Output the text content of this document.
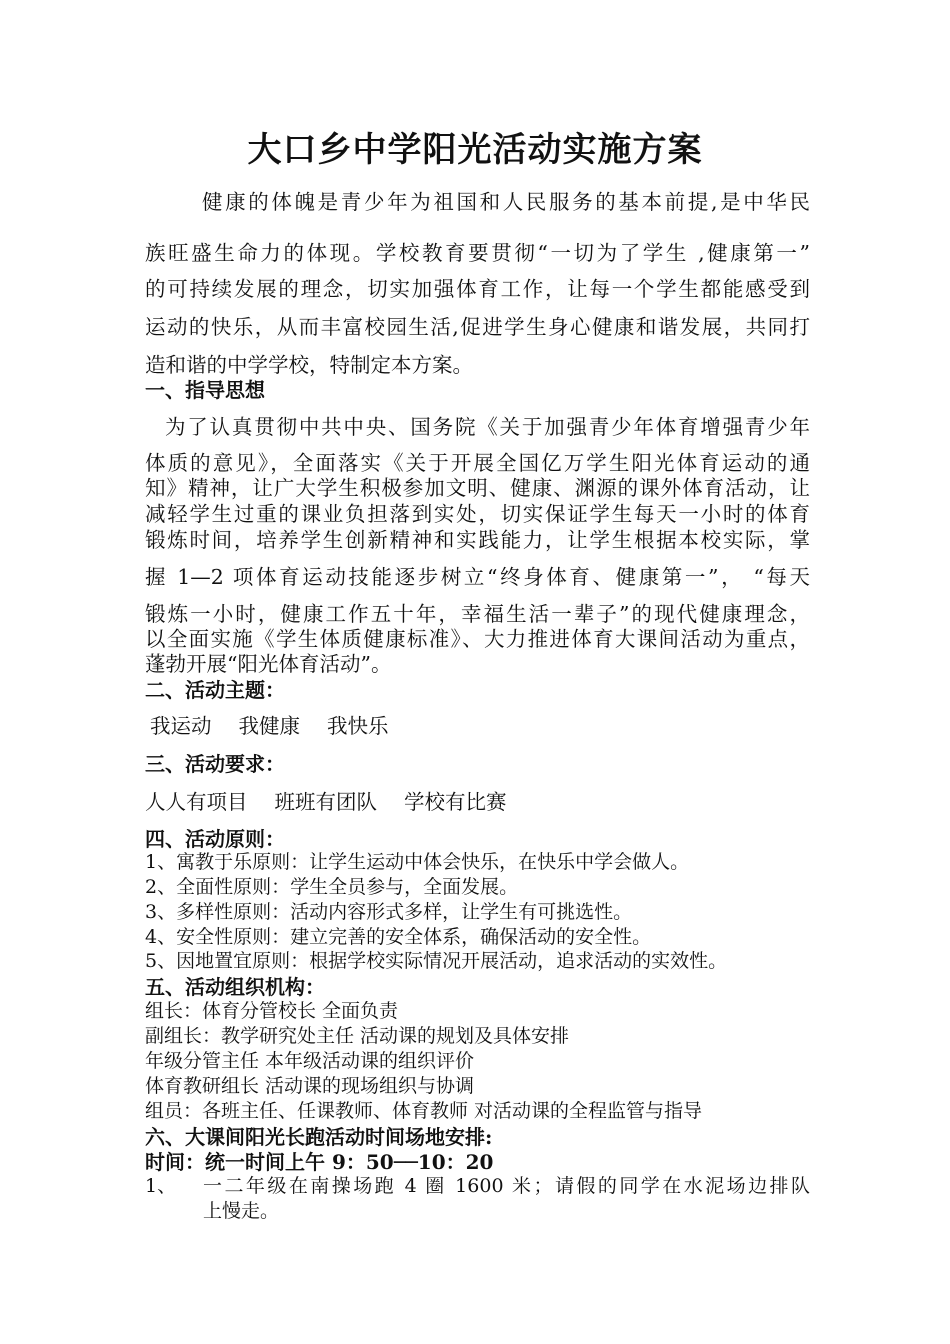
大口乡中学阳光活动实施方案
健康的体魄是青少年为祖国和人民服务的基本前提,是中华民
族旺盛生命力的体现。学校教育要贯彻“一切为了学生 ,健康第一”
的可持续发展的理念，切实加强体育工作，让每一个学生都能感受到
运动的快乐，从而丰富校园生活,促进学生身心健康和谐发展，共同打
造和谐的中学学校，特制定本方案。
一、指导思想
为了认真贯彻中共中央、国务院《关于加强青少年体育增强青少年
体质的意见》，全面落实《关于开展全国亿万学生阳光体育运动的通
知》精神，让广大学生积极参加文明、健康、渊源的课外体育活动，让
减轻学生过重的课业负担落到实处，切实保证学生每天一小时的体育
锻炼时间，培养学生创新精神和实践能力，让学生根据本校实际，掌
握 1—2 项体育运动技能逐步树立“终身体育、健康第一”， “每天
锻炼一小时，健康工作五十年，幸福生活一辈子”的现代健康理念，
以全面实施《学生体质健康标准》、大力推进体育大课间活动为重点，
蓬勃开展“阳光体育活动”。
二、活动主题：
我运动　 我健康　 我快乐
三、活动要求：
人人有项目　 班班有团队　 学校有比赛
四、活动原则：
1、寓教于乐原则：让学生运动中体会快乐，在快乐中学会做人。
2、全面性原则：学生全员参与，全面发展。
3、多样性原则：活动内容形式多样，让学生有可挑选性。
4、安全性原则：建立完善的安全体系，确保活动的安全性。
5、因地置宜原则：根据学校实际情况开展活动，追求活动的实效性。
五、活动组织机构：
组长：体育分管校长 全面负责
副组长：教学研究处主任 活动课的规划及具体安排
年级分管主任 本年级活动课的组织评价
体育教研组长 活动课的现场组织与协调
组员：各班主任、任课教师、体育教师 对活动课的全程监管与指导
六、大课间阳光长跑活动时间场地安排:
时间：统一时间上午 9：50──10：20
1、	一二年级在南操场跑 4 圈 1600 米；请假的同学在水泥场边排队
上慢走。
